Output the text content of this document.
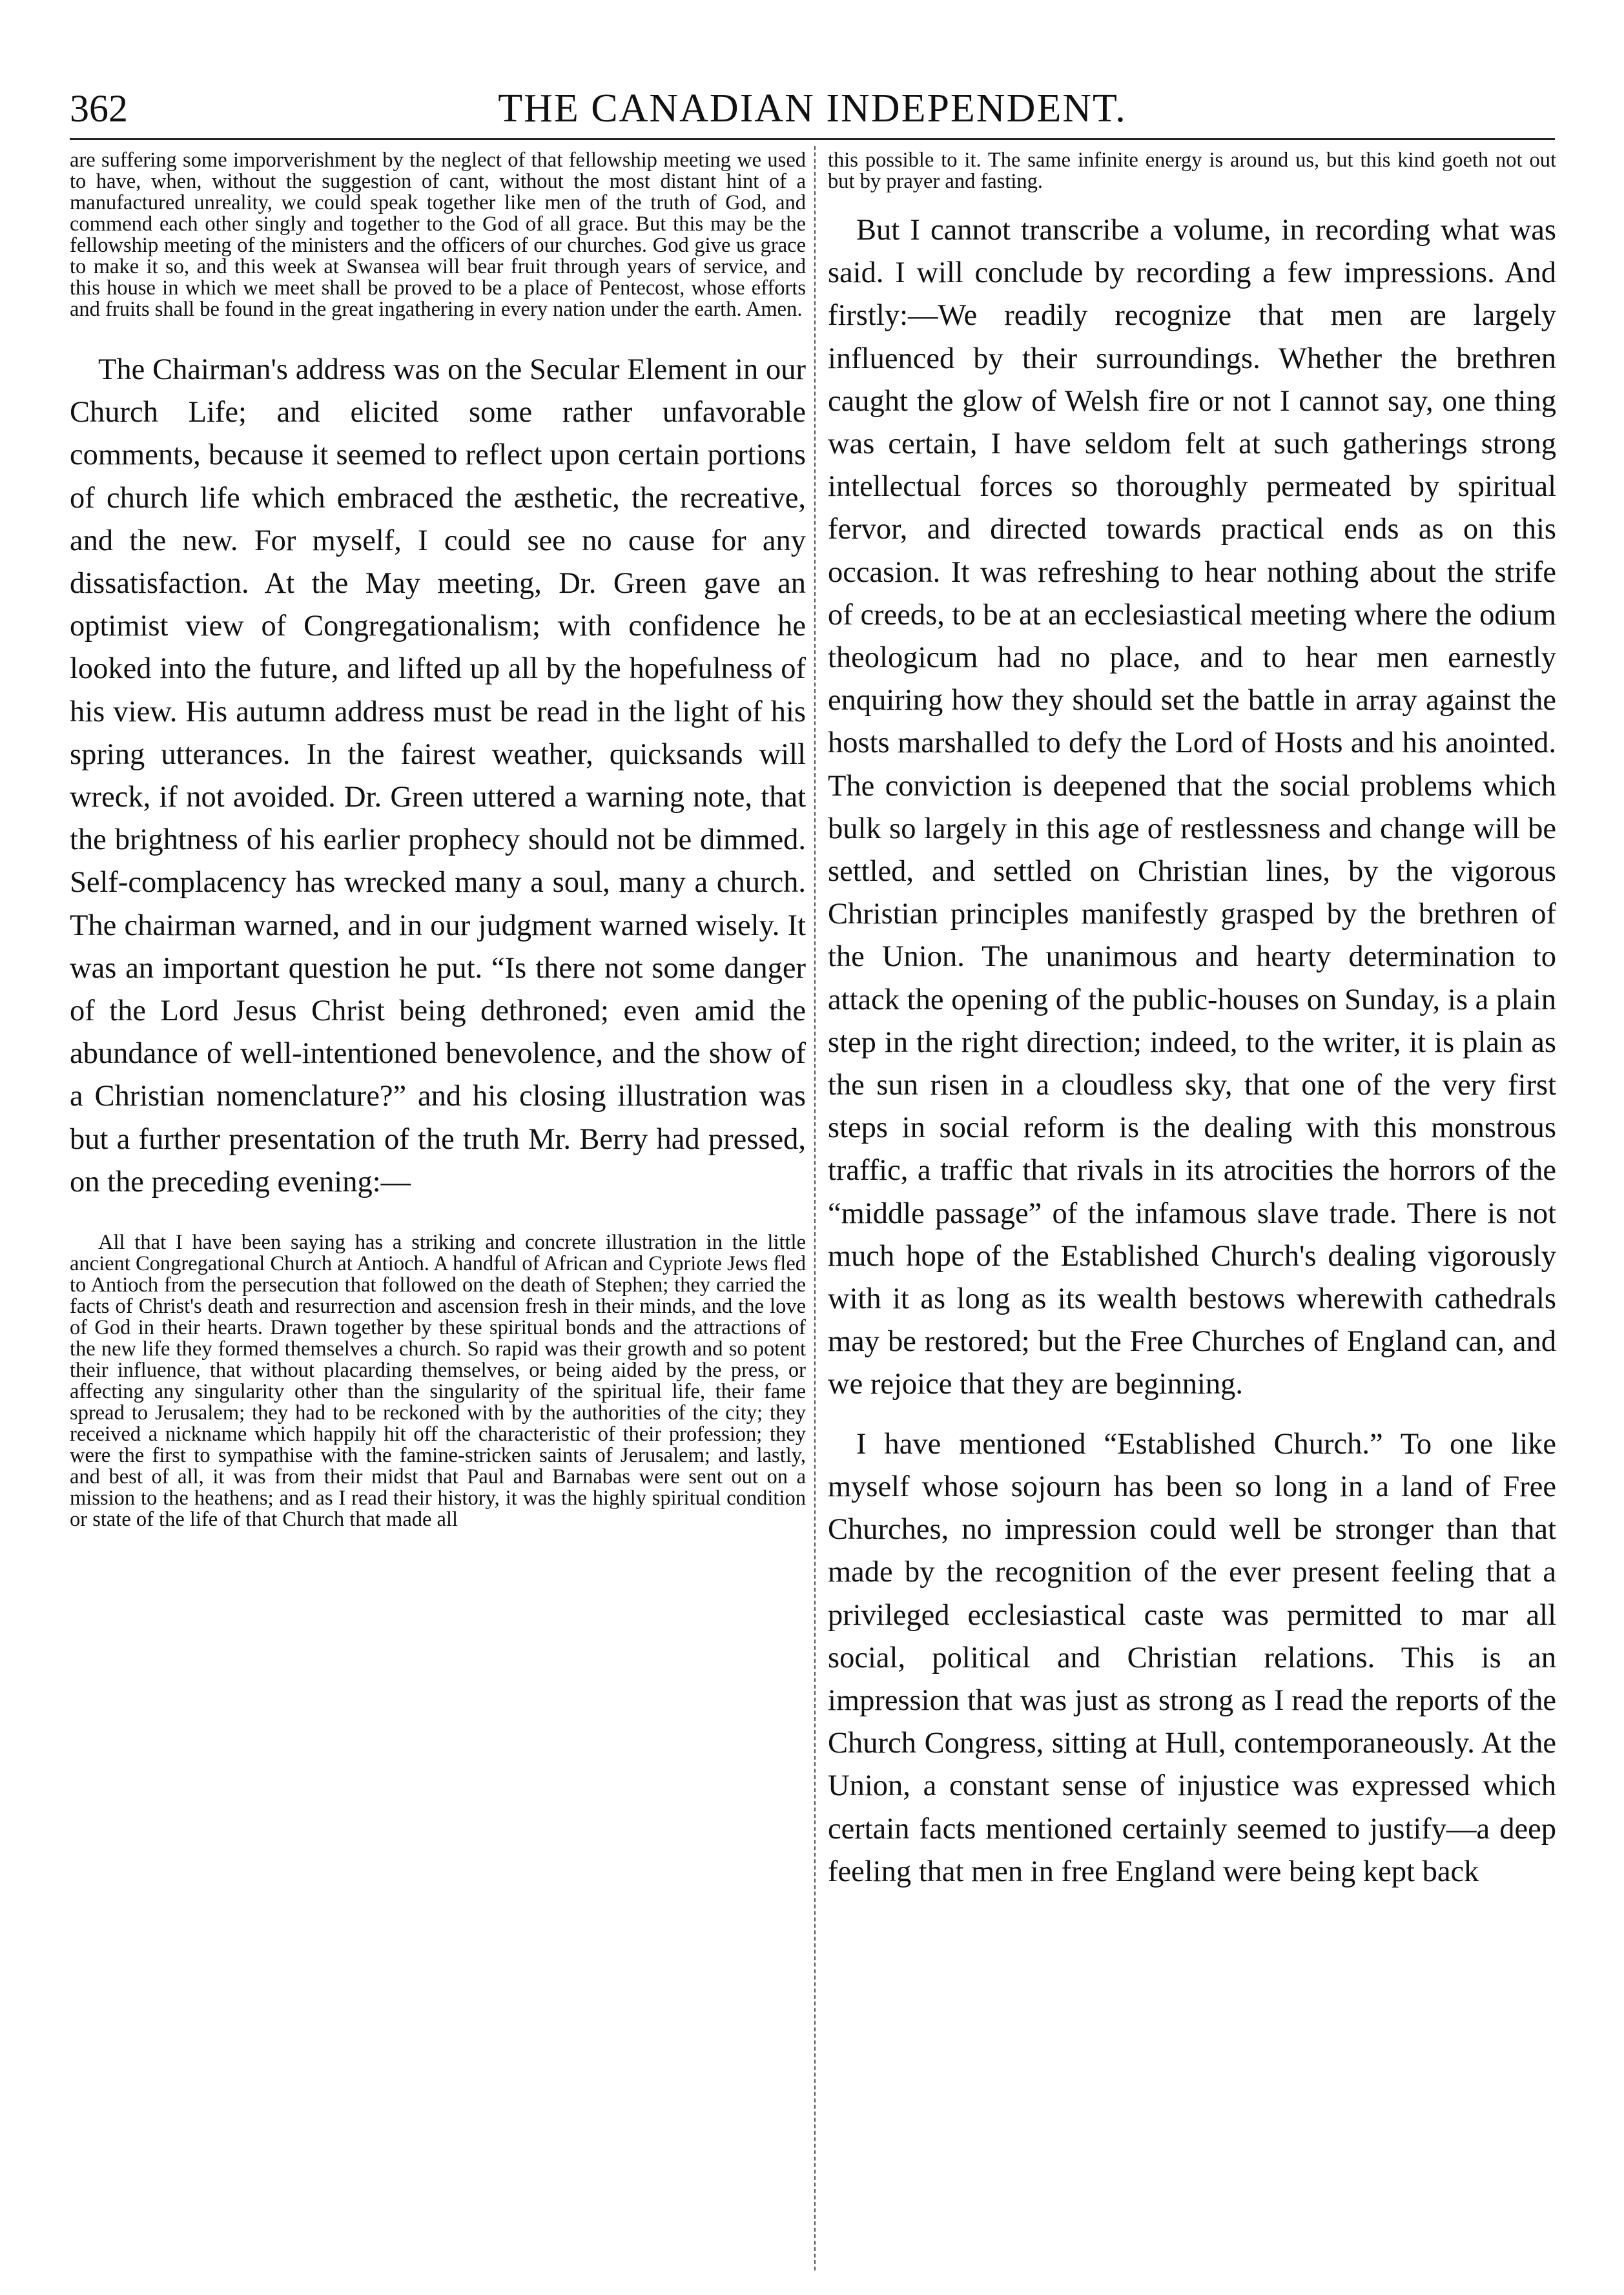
362	THE CANADIAN INDEPENDENT.

are suffering some imporverishment by the neglect of that fellowship meeting we used to have, when, without the suggestion of cant, without the most distant hint of a manufactured unreality, we could speak together like men of the truth of God, and commend each other singly and together to the God of all grace. But this may be the fellowship meeting of the ministers and the officers of our churches. God give us grace to make it so, and this week at Swansea will bear fruit through years of service, and this house in which we meet shall be proved to be a place of Pentecost, whose efforts and fruits shall be found in the great ingathering in every nation under the earth. Amen.

The Chairman's address was on the Secular Element in our Church Life; and elicited some rather unfavorable comments, because it seemed to reflect upon certain portions of church life which embraced the æsthetic, the recreative, and the new. For myself, I could see no cause for any dissatisfaction. At the May meeting, Dr. Green gave an optimist view of Congregationalism; with confidence he looked into the future, and lifted up all by the hopefulness of his view. His autumn address must be read in the light of his spring utterances. In the fairest weather, quicksands will wreck, if not avoided. Dr. Green uttered a warning note, that the brightness of his earlier prophecy should not be dimmed. Self-complacency has wrecked many a soul, many a church. The chairman warned, and in our judgment warned wisely. It was an important question he put. “Is there not some danger of the Lord Jesus Christ being dethroned; even amid the abundance of well-intentioned benevolence, and the show of a Christian nomenclature?” and his closing illustration was but a further presentation of the truth Mr. Berry had pressed, on the preceding evening:—

All that I have been saying has a striking and concrete illustration in the little ancient Congregational Church at Antioch. A handful of African and Cypriote Jews fled to Antioch from the persecution that followed on the death of Stephen; they carried the facts of Christ's death and resurrection and ascension fresh in their minds, and the love of God in their hearts. Drawn together by these spiritual bonds and the attractions of the new life they formed themselves a church. So rapid was their growth and so potent their influence, that without placarding themselves, or being aided by the press, or affecting any singularity other than the singularity of the spiritual life, their fame spread to Jerusalem; they had to be reckoned with by the authorities of the city; they received a nickname which happily hit off the characteristic of their profession; they were the first to sympathise with the famine-stricken saints of Jerusalem; and lastly, and best of all, it was from their midst that Paul and Barnabas were sent out on a mission to the heathens; and as I read their history, it was the highly spiritual condition or state of the life of that Church that made all

this possible to it. The same infinite energy is around us, but this kind goeth not out but by prayer and fasting.

But I cannot transcribe a volume, in recording what was said. I will conclude by recording a few impressions. And firstly:—We readily recognize that men are largely influenced by their surroundings. Whether the brethren caught the glow of Welsh fire or not I cannot say, one thing was certain, I have seldom felt at such gatherings strong intellectual forces so thoroughly permeated by spiritual fervor, and directed towards practical ends as on this occasion. It was refreshing to hear nothing about the strife of creeds, to be at an ecclesiastical meeting where the odium theologicum had no place, and to hear men earnestly enquiring how they should set the battle in array against the hosts marshalled to defy the Lord of Hosts and his anointed. The conviction is deepened that the social problems which bulk so largely in this age of restlessness and change will be settled, and settled on Christian lines, by the vigorous Christian principles manifestly grasped by the brethren of the Union. The unanimous and hearty determination to attack the opening of the public-houses on Sunday, is a plain step in the right direction; indeed, to the writer, it is plain as the sun risen in a cloudless sky, that one of the very first steps in social reform is the dealing with this monstrous traffic, a traffic that rivals in its atrocities the horrors of the “middle passage” of the infamous slave trade. There is not much hope of the Established Church's dealing vigorously with it as long as its wealth bestows wherewith cathedrals may be restored; but the Free Churches of England can, and we rejoice that they are beginning.

I have mentioned “Established Church.” To one like myself whose sojourn has been so long in a land of Free Churches, no impression could well be stronger than that made by the recognition of the ever present feeling that a privileged ecclesiastical caste was permitted to mar all social, political and Christian relations. This is an impression that was just as strong as I read the reports of the Church Congress, sitting at Hull, contemporaneously. At the Union, a constant sense of injustice was expressed which certain facts mentioned certainly seemed to justify—a deep feeling that men in free England were being kept back
